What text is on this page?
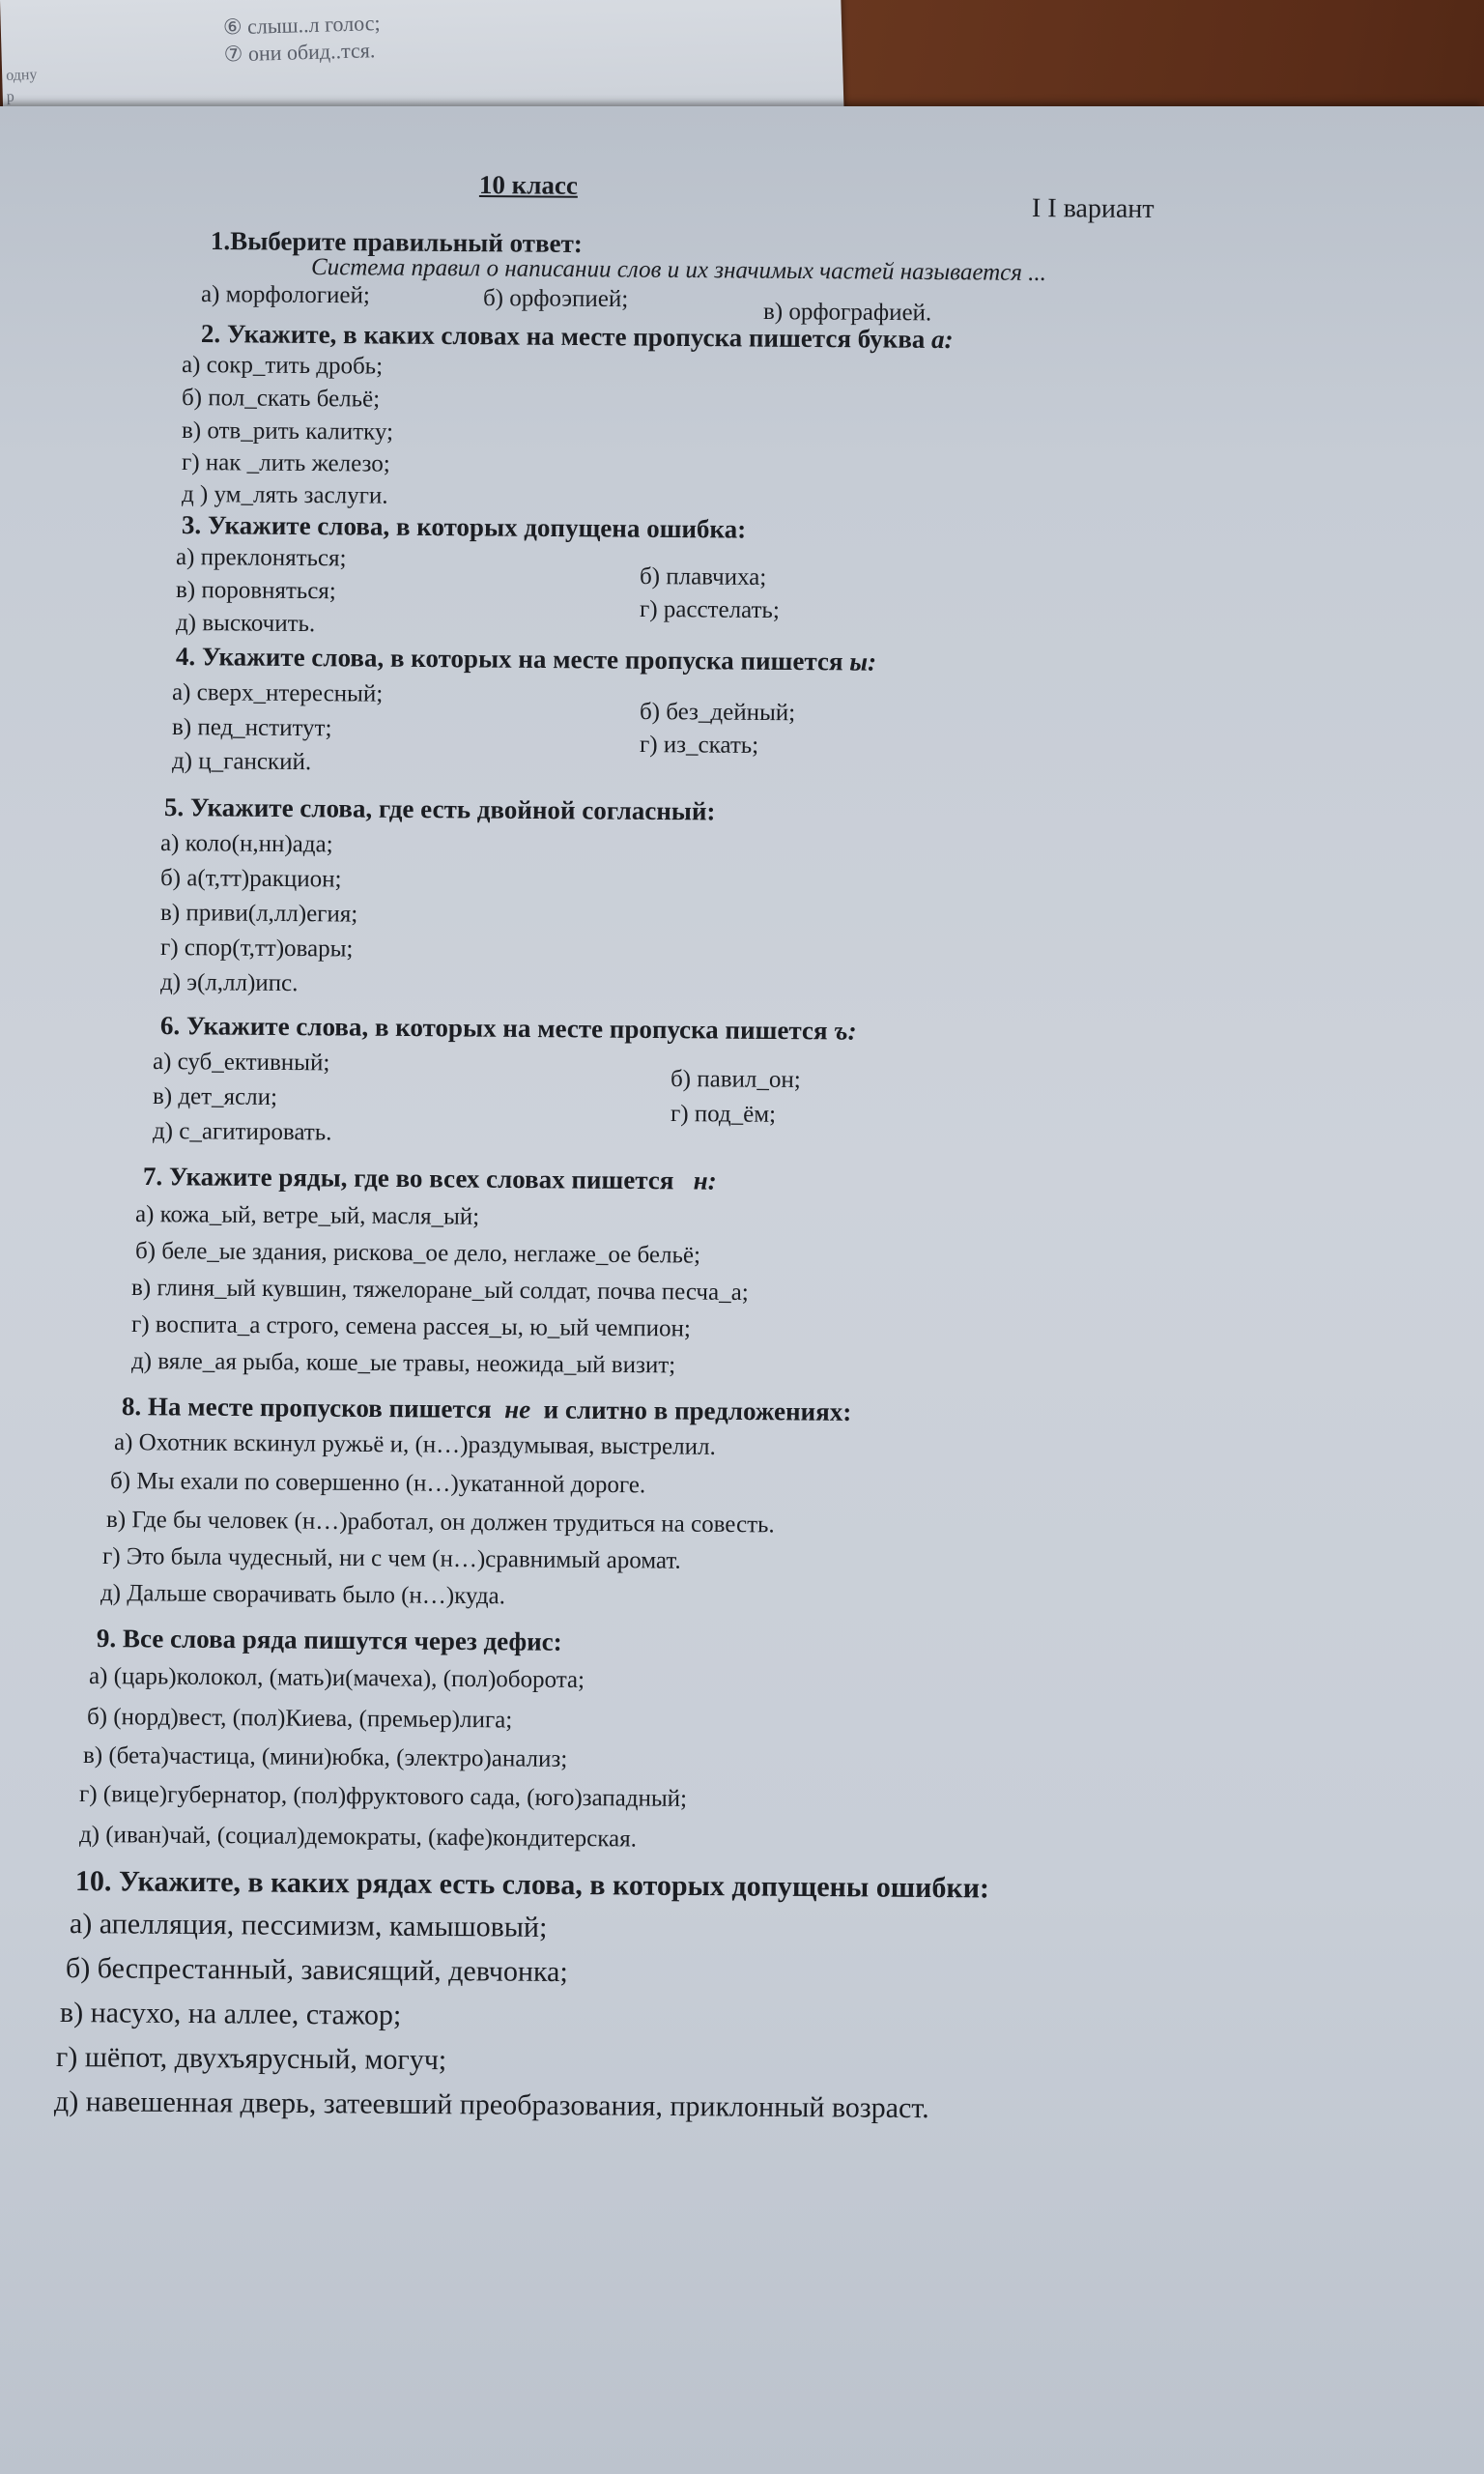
⑥ слыш..л голос;
⑦ они обид..тся.
одну
р
10 класс
I I вариант
1.Выберите правильный ответ:
Система правил о написании слов и их значимых частей называется ...
а) морфологией;	б) орфоэпией;	в) орфографией.
2. Укажите, в каких словах на месте пропуска пишется буква а:
а) сокр_тить дробь;
б) пол_скать бельё;
в) отв_рить калитку;
г) нак _лить железо;
д ) ум_лять заслуги.
3. Укажите слова, в которых допущена ошибка:
а) преклоняться;
б) плавчиха;
в) поровняться;
г) расстелать;
д) выскочить.
4. Укажите слова, в которых на месте пропуска пишется ы:
а) сверх_нтересный;
б) без_дейный;
в) пед_нститут;
г) из_скать;
д) ц_ганский.
5. Укажите слова, где есть двойной согласный:
а) коло(н,нн)ада;
б) а(т,тт)ракцион;
в) приви(л,лл)егия;
г) спор(т,тт)овары;
д) э(л,лл)ипс.
6. Укажите слова, в которых на месте пропуска пишется ъ:
а) суб_ективный;
б) павил_он;
в) дет_ясли;
г) под_ём;
д) с_агитировать.
7. Укажите ряды, где во всех словах пишется н:
а) кожа_ый, ветре_ый, масля_ый;
б) беле_ые здания, рискова_ое дело, неглаже_ое бельё;
в) глиня_ый кувшин, тяжелоране_ый солдат, почва песча_а;
г) воспита_а строго, семена рассея_ы, ю_ый чемпион;
д) вяле_ая рыба, коше_ые травы, неожида_ый визит;
8. На месте пропусков пишется не и слитно в предложениях:
а) Охотник вскинул ружьё и, (н…)раздумывая, выстрелил.
б) Мы ехали по совершенно (н…)укатанной дороге.
в) Где бы человек (н…)работал, он должен трудиться на совесть.
г) Это была чудесный, ни с чем (н…)сравнимый аромат.
д) Дальше сворачивать было (н…)куда.
9. Все слова ряда пишутся через дефис:
а) (царь)колокол, (мать)и(мачеха), (пол)оборота;
б) (норд)вест, (пол)Киева, (премьер)лига;
в) (бета)частица, (мини)юбка, (электро)анализ;
г) (вице)губернатор, (пол)фруктового сада, (юго)западный;
д) (иван)чай, (социал)демократы, (кафе)кондитерская.
10. Укажите, в каких рядах есть слова, в которых допущены ошибки:
а) апелляция, пессимизм, камышовый;
б) беспрестанный, зависящий, девчонка;
в) насухо, на аллее, стажор;
г) шёпот, двухъярусный, могуч;
д) навешенная дверь, затеевший преобразования, приклонный возраст.
